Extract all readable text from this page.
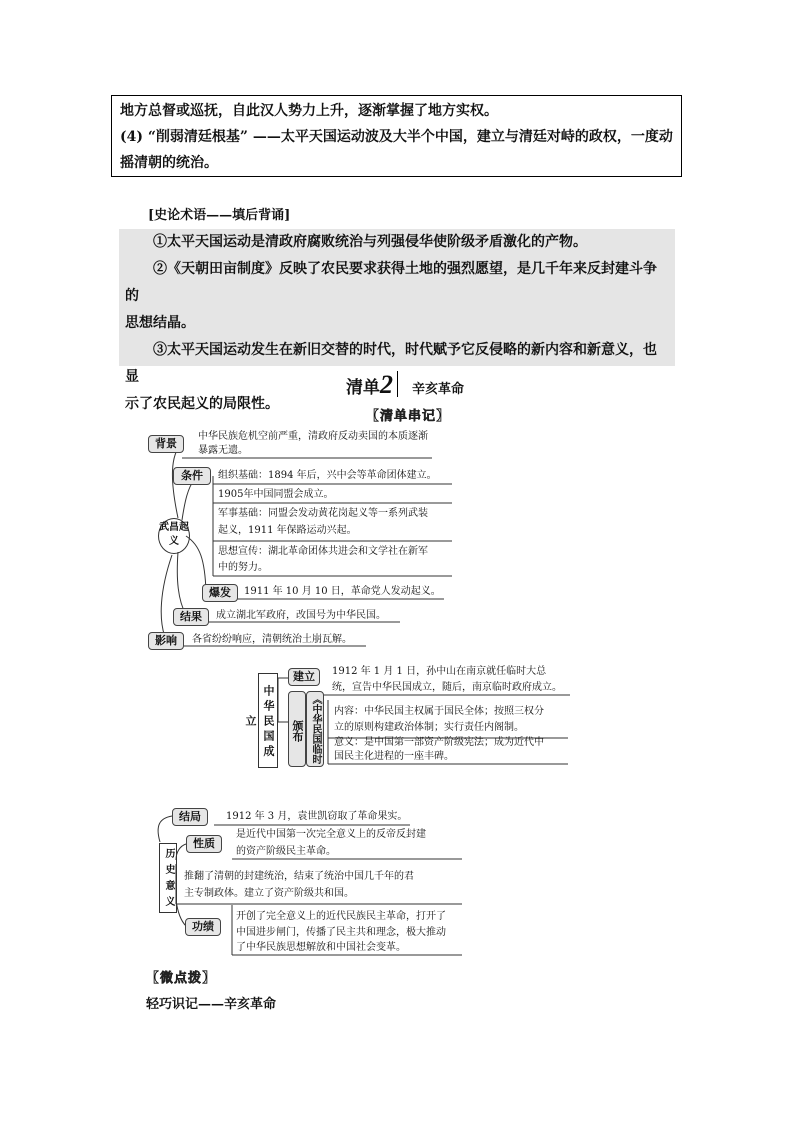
地方总督或巡抚，自此汉人势力上升，逐渐掌握了地方实权。

(4) “削弱清廷根基” ——太平天国运动波及大半个中国，建立与清廷对峙的政权，一度动

摇清朝的统治。

[史论术语——填后背诵]

①太平天国运动是清政府腐败统治与列强侵华使阶级矛盾激化的产物。

②《天朝田亩制度》反映了农民要求获得土地的强烈愿望，是几千年来反封建斗争的

思想结晶。

③太平天国运动发生在新旧交替的时代，时代赋予它反侵略的新内容和新意义，也显

示了农民起义的局限性。

清单2 辛亥革命
〖清单串记〗
武昌起义
背景
中华民族危机空前严重，清政府反动卖国的本质逐渐
暴露无遗。
条件	组织基础：1894 年后，兴中会等革命团体建立。
1905年中国同盟会成立。
军事基础：同盟会发动黄花岗起义等一系列武装
起义，1911 年保路运动兴起。
思想宣传：湖北革命团体共进会和文学社在新军
中的努力。
爆发	1911 年 10 月 10 日，革命党人发动起义。
结果	成立湖北军政府，改国号为中华民国。
影响	各省纷纷响应，清朝统治土崩瓦解。
中华民国成立
建立	1912 年 1 月 1 日，孙中山在南京就任临时大总
统，宣告中华民国成立，随后，南京临时政府成立。
颁布
《中华民国临时
内容：中华民国主权属于国民全体；按照三权分
立的原则构建政治体制；实行责任内阁制。
意义：是中国第一部资产阶级宪法；成为近代中
国民主化进程的一座丰碑。
历史意义
结局	1912 年 3 月，袁世凯窃取了革命果实。
性质
是近代中国第一次完全意义上的反帝反封建
的资产阶级民主革命。
推翻了清朝的封建统治，结束了统治中国几千年的君
主专制政体。建立了资产阶级共和国。
功绩
开创了完全意义上的近代民族民主革命，打开了
中国进步闸门，传播了民主共和理念，极大推动
了中华民族思想解放和中国社会变革。
〖微点拨〗
轻巧识记——辛亥革命
